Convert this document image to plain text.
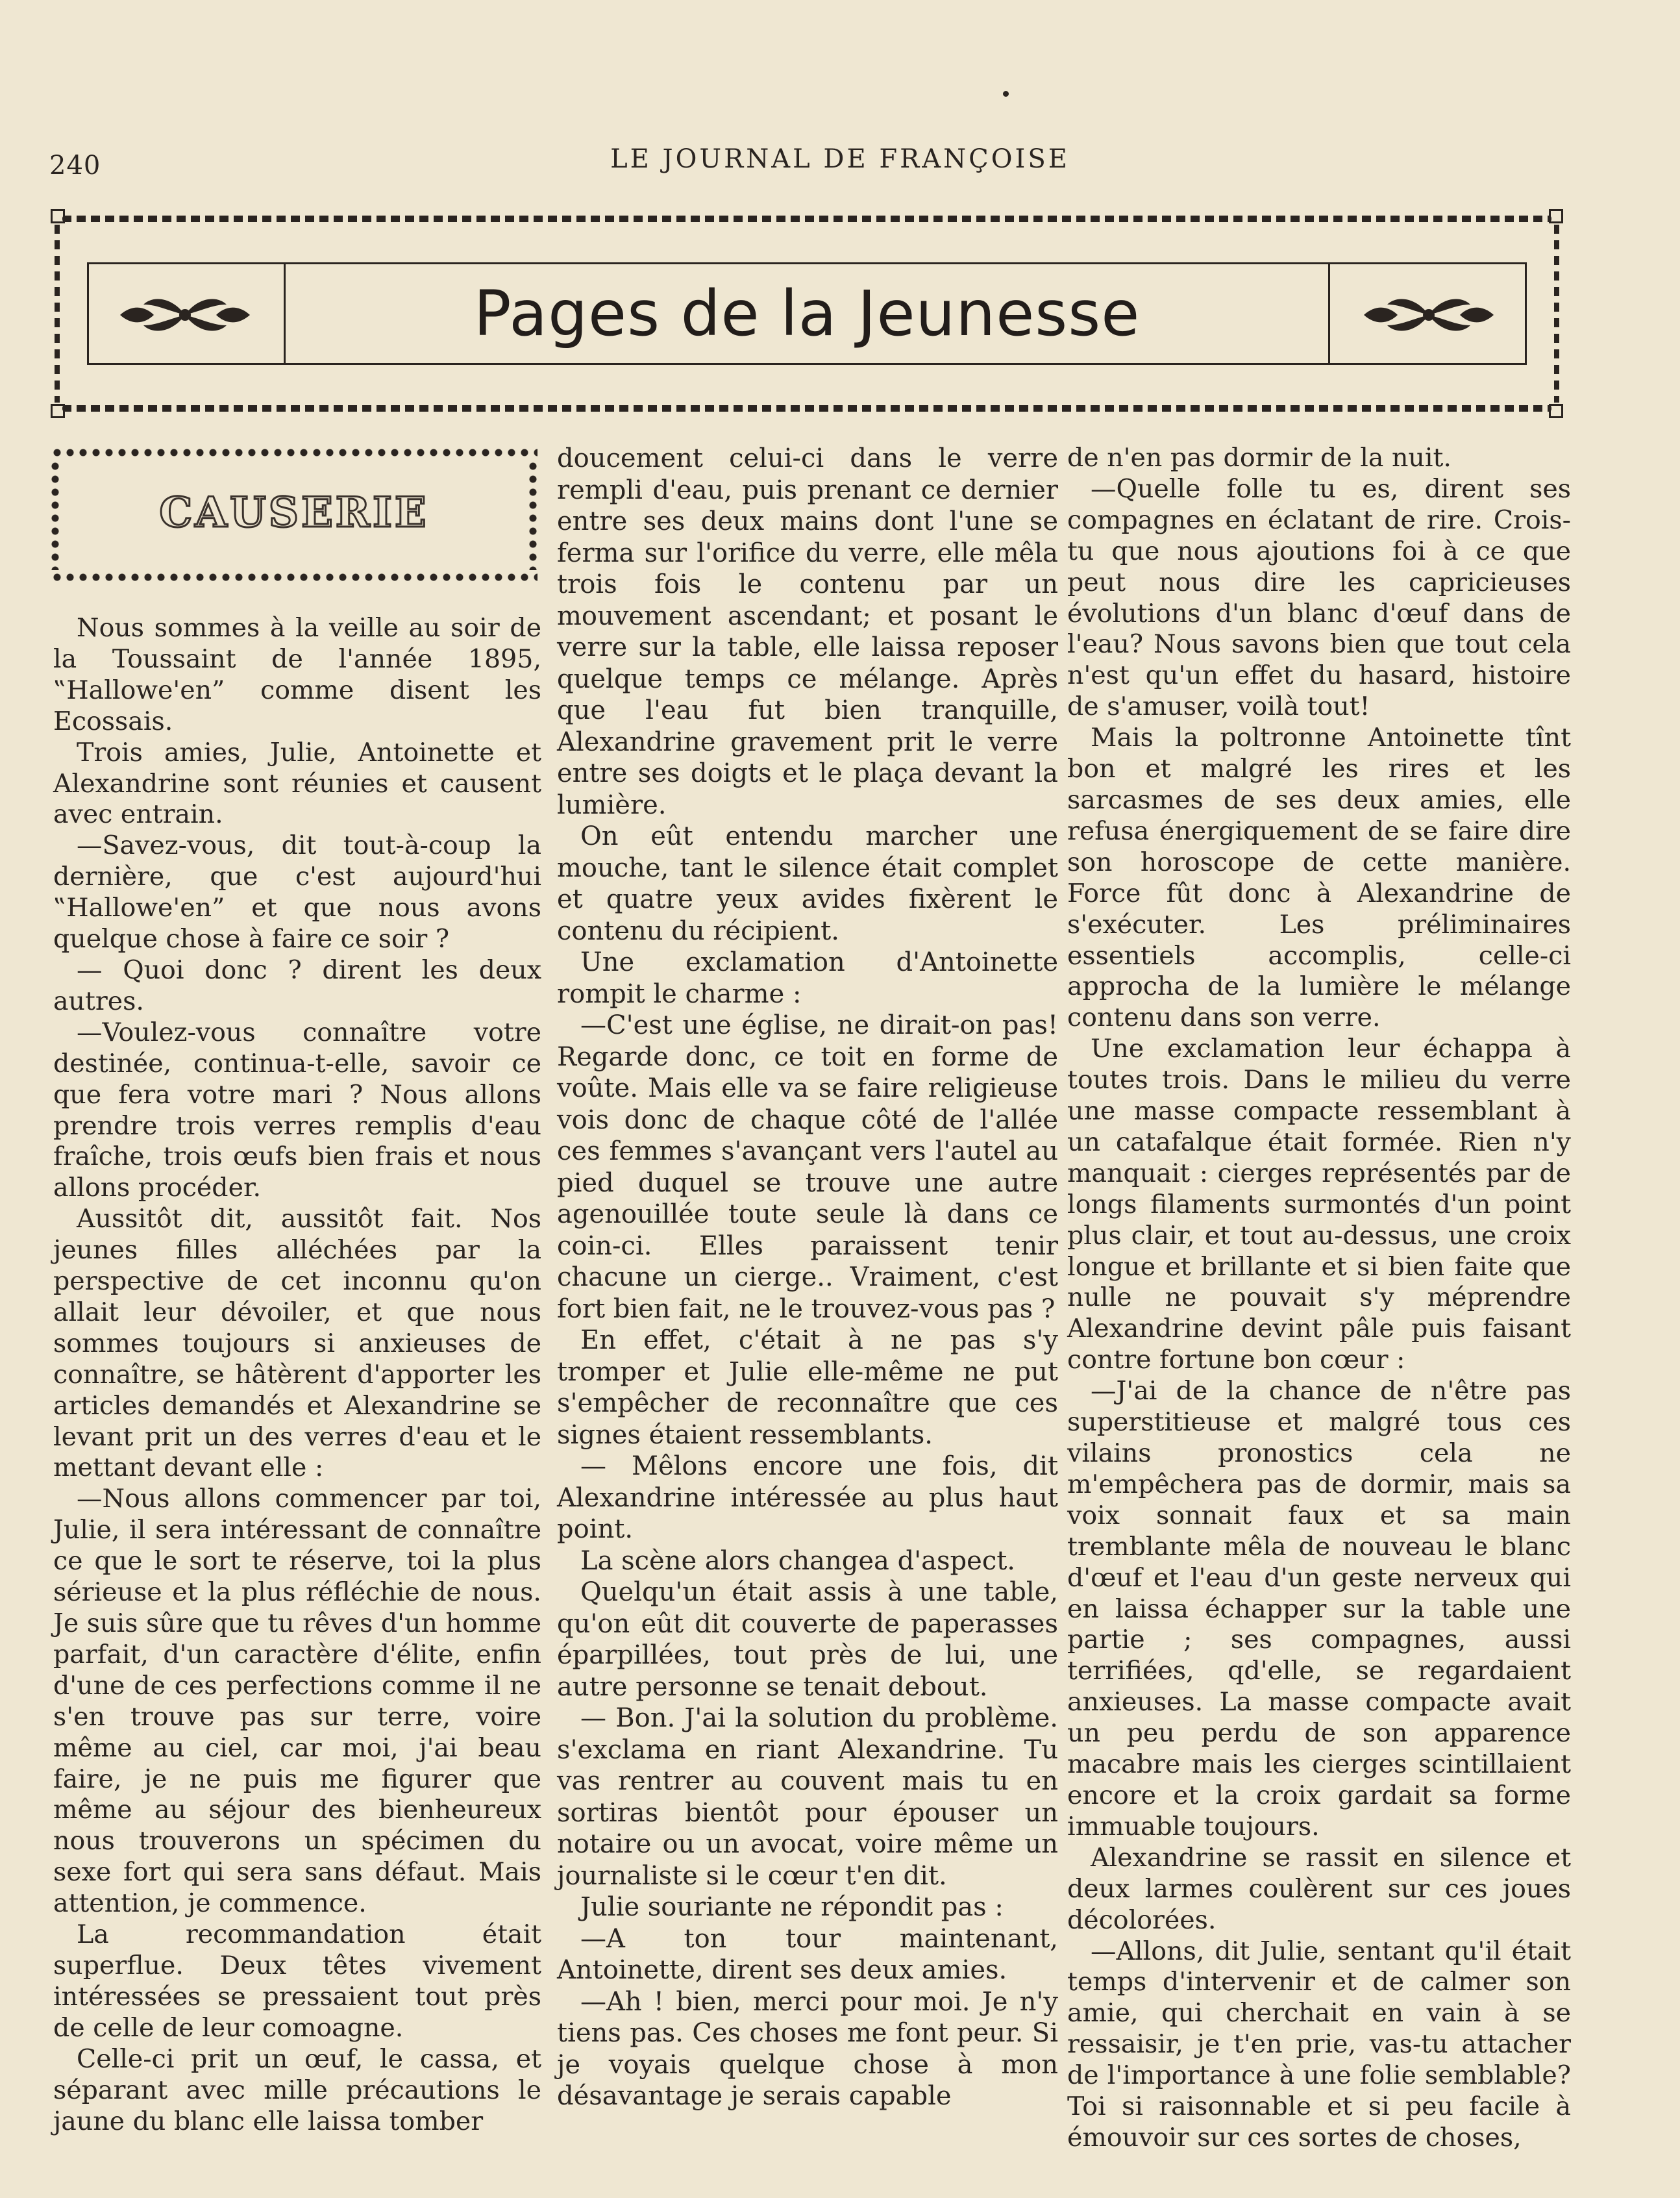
240	LE JOURNAL DE FRANÇOISE
Pages de la Jeunesse
CAUSERIE

Nous sommes à la veille au soir de la Toussaint de l'année 1895, ‟Hallowe'en” comme disent les Ecossais.

Trois amies, Julie, Antoinette et Alexandrine sont réunies et causent avec entrain.

—Savez-vous, dit tout-à-coup la dernière, que c'est aujourd'hui ‟Hallowe'en” et que nous avons quelque chose à faire ce soir ?

— Quoi donc ? dirent les deux autres.

—Voulez-vous connaître votre destinée, continua-t-elle, savoir ce que fera votre mari ? Nous allons prendre trois verres remplis d'eau fraîche, trois œufs bien frais et nous allons procéder.

Aussitôt dit, aussitôt fait. Nos jeunes filles alléchées par la perspective de cet inconnu qu'on allait leur dévoiler, et que nous sommes toujours si anxieuses de connaître, se hâtèrent d'apporter les articles demandés et Alexandrine se levant prit un des verres d'eau et le mettant devant elle :

—Nous allons commencer par toi, Julie, il sera intéressant de connaître ce que le sort te réserve, toi la plus sérieuse et la plus réfléchie de nous. Je suis sûre que tu rêves d'un homme parfait, d'un caractère d'élite, enfin d'une de ces perfections comme il ne s'en trouve pas sur terre, voire même au ciel, car moi, j'ai beau faire, je ne puis me figurer que même au séjour des bienheureux nous trouverons un spécimen du sexe fort qui sera sans défaut. Mais attention, je commence.

La recommandation était superflue. Deux têtes vivement intéressées se pressaient tout près de celle de leur comoagne.

Celle-ci prit un œuf, le cassa, et séparant avec mille précautions le jaune du blanc elle laissa tomber

doucement celui-ci dans le verre rempli d'eau, puis prenant ce dernier entre ses deux mains dont l'une se ferma sur l'orifice du verre, elle mêla trois fois le contenu par un mouvement ascendant; et posant le verre sur la table, elle laissa reposer quelque temps ce mélange. Après que l'eau fut bien tranquille, Alexandrine gravement prit le verre entre ses doigts et le plaça devant la lumière.

On eût entendu marcher une mouche, tant le silence était complet et quatre yeux avides fixèrent le contenu du récipient.

Une exclamation d'Antoinette rompit le charme :

—C'est une église, ne dirait-on pas! Regarde donc, ce toit en forme de voûte. Mais elle va se faire religieuse vois donc de chaque côté de l'allée ces femmes s'avançant vers l'autel au pied duquel se trouve une autre agenouillée toute seule là dans ce coin-ci. Elles paraissent tenir chacune un cierge.. Vraiment, c'est fort bien fait, ne le trouvez-vous pas ?

En effet, c'était à ne pas s'y tromper et Julie elle-même ne put s'empêcher de reconnaître que ces signes étaient ressemblants.

— Mêlons encore une fois, dit Alexandrine intéressée au plus haut point.

La scène alors changea d'aspect.

Quelqu'un était assis à une table, qu'on eût dit couverte de paperasses éparpillées, tout près de lui, une autre personne se tenait debout.

— Bon. J'ai la solution du problème. s'exclama en riant Alexandrine. Tu vas rentrer au couvent mais tu en sortiras bientôt pour épouser un notaire ou un avocat, voire même un journaliste si le cœur t'en dit.

Julie souriante ne répondit pas :

—A ton tour maintenant, Antoinette, dirent ses deux amies.

—Ah ! bien, merci pour moi. Je n'y tiens pas. Ces choses me font peur. Si je voyais quelque chose à mon désavantage je serais capable

de n'en pas dormir de la nuit.

—Quelle folle tu es, dirent ses compagnes en éclatant de rire. Crois-tu que nous ajoutions foi à ce que peut nous dire les capricieuses évolutions d'un blanc d'œuf dans de l'eau? Nous savons bien que tout cela n'est qu'un effet du hasard, histoire de s'amuser, voilà tout!

Mais la poltronne Antoinette tînt bon et malgré les rires et les sarcasmes de ses deux amies, elle refusa énergiquement de se faire dire son horoscope de cette manière. Force fût donc à Alexandrine de s'exécuter. Les préliminaires essentiels accomplis, celle-ci approcha de la lumière le mélange contenu dans son verre.

Une exclamation leur échappa à toutes trois. Dans le milieu du verre une masse compacte ressemblant à un catafalque était formée. Rien n'y manquait : cierges représentés par de longs filaments surmontés d'un point plus clair, et tout au-dessus, une croix longue et brillante et si bien faite que nulle ne pouvait s'y méprendre Alexandrine devint pâle puis faisant contre fortune bon cœur :

—J'ai de la chance de n'être pas superstitieuse et malgré tous ces vilains pronostics cela ne m'empêchera pas de dormir, mais sa voix sonnait faux et sa main tremblante mêla de nouveau le blanc d'œuf et l'eau d'un geste nerveux qui en laissa échapper sur la table une partie ; ses compagnes, aussi terrifiées, qd'elle, se regardaient anxieuses. La masse compacte avait un peu perdu de son apparence macabre mais les cierges scintillaient encore et la croix gardait sa forme immuable toujours.

Alexandrine se rassit en silence et deux larmes coulèrent sur ces joues décolorées.

—Allons, dit Julie, sentant qu'il était temps d'intervenir et de calmer son amie, qui cherchait en vain à se ressaisir, je t'en prie, vas-tu attacher de l'importance à une folie semblable? Toi si raisonnable et si peu facile à émouvoir sur ces sortes de choses,
